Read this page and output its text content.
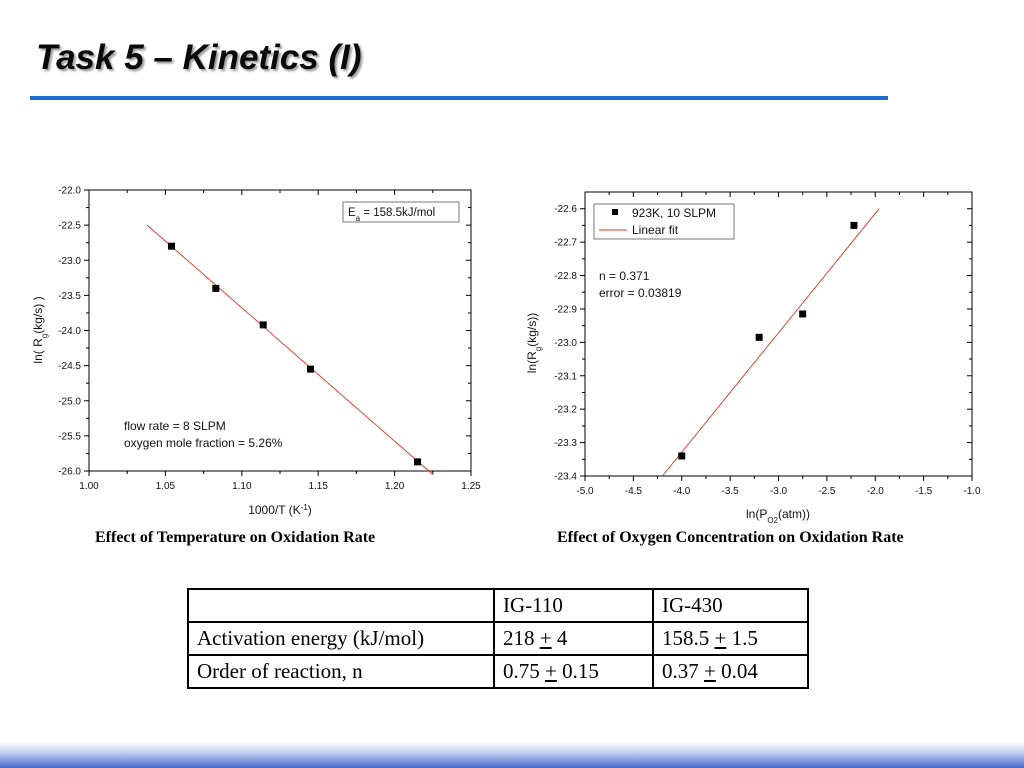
Task 5 – Kinetics (I)
-22.0
-22.5
-23.0
-23.5
-24.0
-24.5
-25.0
-25.5
-26.0
1.00	1.05	1.10	1.15	1.20	1.25
$E_a = 158.5kJ/mol$
flow rate = 8 SLPM
oxygen mole fraction = 5.26%
1000/T $(K^{-1})$
ln( $R_g(kg/s)$ )
-22.6
-22.7
-22.8
-22.9
-23.0
-23.1
-23.2
-23.3
-23.4
-5.0	-4.5	-4.0	-3.5	-3.0	-2.5	-2.0	-1.5	-1.0
923K, 10 SLPM
Linear fit
n = 0.371
error = 0.03819
$\ln(P_{O2}(atm))$
$\ln(R_g(kg/s))$

Effect of Temperature on Oxidation Rate	Effect of Oxygen Concentration on Oxidation Rate

	IG-110	IG-430
Activation energy (kJ/mol)	218 + 4	158.5 + 1.5
Order of reaction, n	0.75 + 0.15	0.37 + 0.04
